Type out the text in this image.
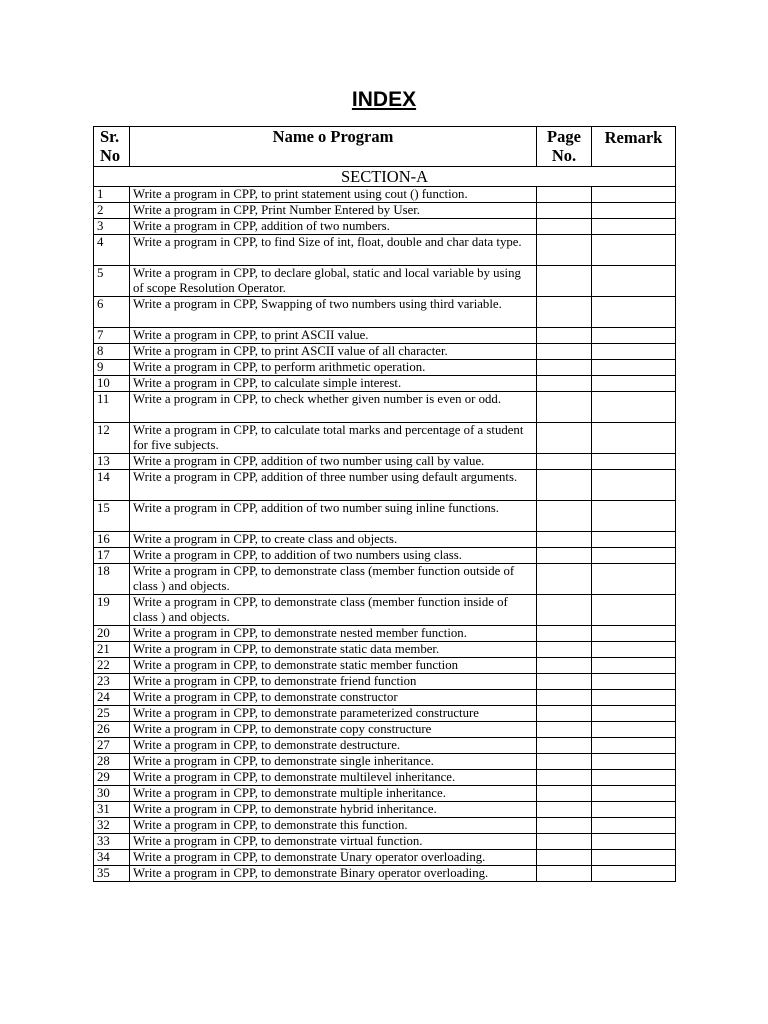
INDEX
Sr. No	Name o Program	Page No.	Remark
SECTION-A			
1	Write a program in CPP, to print statement using cout () function.		
2	Write a program in CPP, Print Number Entered by User.		
3	Write a program in CPP, addition of two numbers.		
4	Write a program in CPP, to find Size of int, float, double and char data type.		
5	Write a program in CPP, to declare global, static and local variable by using of scope Resolution Operator.		
6	Write a program in CPP, Swapping of two numbers using third variable.		
7	Write a program in CPP, to print ASCII value.		
8	Write a program in CPP, to print ASCII value of all character.		
9	Write a program in CPP, to perform arithmetic operation.		
10	Write a program in CPP, to calculate simple interest.		
11	Write a program in CPP, to check whether given number is even or odd.		
12	Write a program in CPP, to calculate total marks and percentage of a student for five subjects.		
13	Write a program in CPP, addition of two number using call by value.		
14	Write a program in CPP, addition of three number using default arguments.		
15	Write a program in CPP, addition of two number suing inline functions.		
16	Write a program in CPP, to create class and objects.		
17	Write a program in CPP, to addition of two numbers using class.		
18	Write a program in CPP, to demonstrate class (member function outside of class ) and objects.		
19	Write a program in CPP, to demonstrate class (member function inside of class ) and objects.		
20	Write a program in CPP, to demonstrate nested member function.		
21	Write a program in CPP, to demonstrate static data member.		
22	Write a program in CPP, to demonstrate static member function		
23	Write a program in CPP, to demonstrate friend function		
24	Write a program in CPP, to demonstrate constructor		
25	Write a program in CPP, to demonstrate parameterized constructure		
26	Write a program in CPP, to demonstrate copy constructure		
27	Write a program in CPP, to demonstrate destructure.		
28	Write a program in CPP, to demonstrate single inheritance.		
29	Write a program in CPP, to demonstrate multilevel inheritance.		
30	Write a program in CPP, to demonstrate multiple inheritance.		
31	Write a program in CPP, to demonstrate hybrid inheritance.		
32	Write a program in CPP, to demonstrate this function.		
33	Write a program in CPP, to demonstrate virtual function.		
34	Write a program in CPP, to demonstrate Unary operator overloading.		
35	Write a program in CPP, to demonstrate Binary operator overloading.		
